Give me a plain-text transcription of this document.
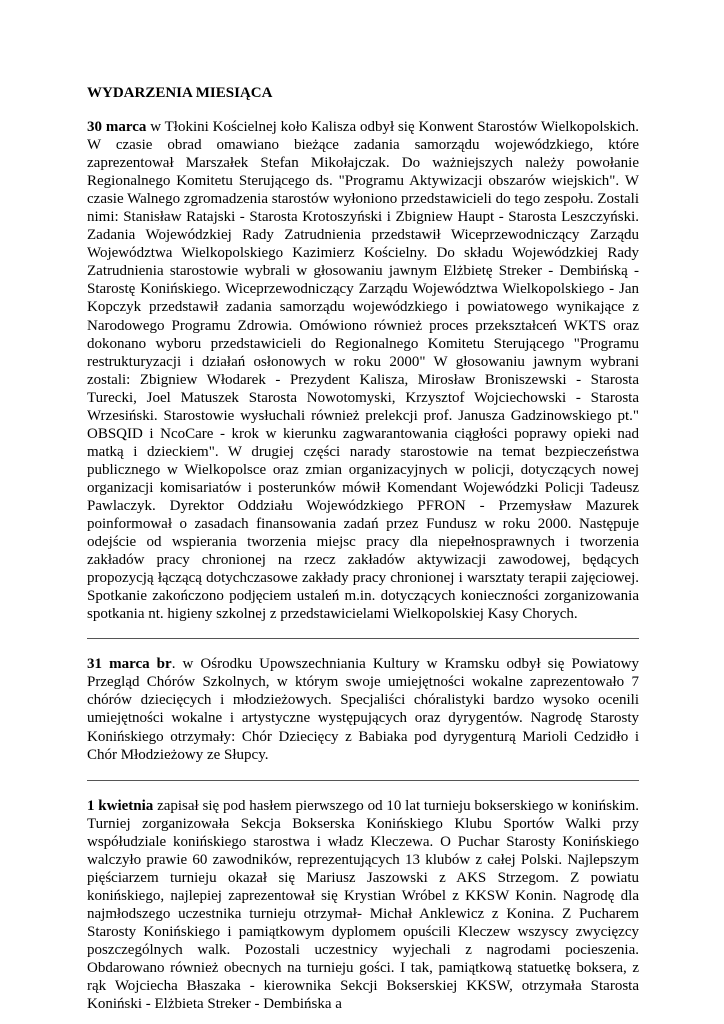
WYDARZENIA MIESIĄCA

30 marca w Tłokini Kościelnej koło Kalisza odbył się Konwent Starostów Wielkopolskich. W czasie obrad omawiano bieżące zadania samorządu wojewódzkiego, które zaprezentował Marszałek Stefan Mikołajczak. Do ważniejszych należy powołanie Regionalnego Komitetu Sterującego ds. "Programu Aktywizacji obszarów wiejskich". W czasie Walnego zgromadzenia starostów wyłoniono przedstawicieli do tego zespołu. Zostali nimi: Stanisław Ratajski - Starosta Krotoszyński i Zbigniew Haupt - Starosta Leszczyński. Zadania Wojewódzkiej Rady Zatrudnienia przedstawił Wiceprzewodniczący Zarządu Województwa Wielkopolskiego Kazimierz Kościelny. Do składu Wojewódzkiej Rady Zatrudnienia starostowie wybrali w głosowaniu jawnym Elżbietę Streker - Dembińską - Starostę Konińskiego. Wiceprzewodniczący Zarządu Województwa Wielkopolskiego - Jan Kopczyk przedstawił zadania samorządu wojewódzkiego i powiatowego wynikające z Narodowego Programu Zdrowia. Omówiono również proces przekształceń WKTS oraz dokonano wyboru przedstawicieli do Regionalnego Komitetu Sterującego "Programu restrukturyzacji i działań osłonowych w roku 2000" W głosowaniu jawnym wybrani zostali: Zbigniew Włodarek - Prezydent Kalisza, Mirosław Broniszewski - Starosta Turecki, Joel Matuszek Starosta Nowotomyski, Krzysztof Wojciechowski - Starosta Wrzesiński. Starostowie wysłuchali również prelekcji prof. Janusza Gadzinowskiego pt." OBSQID i NcoCare - krok w kierunku zagwarantowania ciągłości poprawy opieki nad matką i dzieckiem". W drugiej części narady starostowie na temat bezpieczeństwa publicznego w Wielkopolsce oraz zmian organizacyjnych w policji, dotyczących nowej organizacji komisariatów i posterunków mówił Komendant Wojewódzki Policji Tadeusz Pawlaczyk. Dyrektor Oddziału Wojewódzkiego PFRON - Przemysław Mazurek poinformował o zasadach finansowania zadań przez Fundusz w roku 2000. Następuje odejście od wspierania tworzenia miejsc pracy dla niepełnosprawnych i tworzenia zakładów pracy chronionej na rzecz zakładów aktywizacji zawodowej, będących propozycją łączącą dotychczasowe zakłady pracy chronionej i warsztaty terapii zajęciowej. Spotkanie zakończono podjęciem ustaleń m.in. dotyczących konieczności zorganizowania spotkania nt. higieny szkolnej z przedstawicielami Wielkopolskiej Kasy Chorych.

31 marca br. w Ośrodku Upowszechniania Kultury w Kramsku odbył się Powiatowy Przegląd Chórów Szkolnych, w którym swoje umiejętności wokalne zaprezentowało 7 chórów dziecięcych i młodzieżowych. Specjaliści chóralistyki bardzo wysoko ocenili umiejętności wokalne i artystyczne występujących oraz dyrygentów. Nagrodę Starosty Konińskiego otrzymały: Chór Dziecięcy z Babiaka pod dyrygenturą Marioli Cedzidło i Chór Młodzieżowy ze Słupcy.

1 kwietnia zapisał się pod hasłem pierwszego od 10 lat turnieju bokserskiego w konińskim. Turniej zorganizowała Sekcja Bokserska Konińskiego Klubu Sportów Walki przy współudziale konińskiego starostwa i władz Kleczewa. O Puchar Starosty Konińskiego walczyło prawie 60 zawodników, reprezentujących 13 klubów z całej Polski. Najlepszym pięściarzem turnieju okazał się Mariusz Jaszowski z AKS Strzegom. Z powiatu konińskiego, najlepiej zaprezentował się Krystian Wróbel z KKSW Konin. Nagrodę dla najmłodszego uczestnika turnieju otrzymał- Michał Anklewicz z Konina. Z Pucharem Starosty Konińskiego i pamiątkowym dyplomem opuścili Kleczew wszyscy zwycięzcy poszczególnych walk. Pozostali uczestnicy wyjechali z nagrodami pocieszenia. Obdarowano również obecnych na turnieju gości. I tak, pamiątkową statuetkę boksera, z rąk Wojciecha Błaszaka - kierownika Sekcji Bokserskiej KKSW, otrzymała Starosta Koniński - Elżbieta Streker - Dembińska a
